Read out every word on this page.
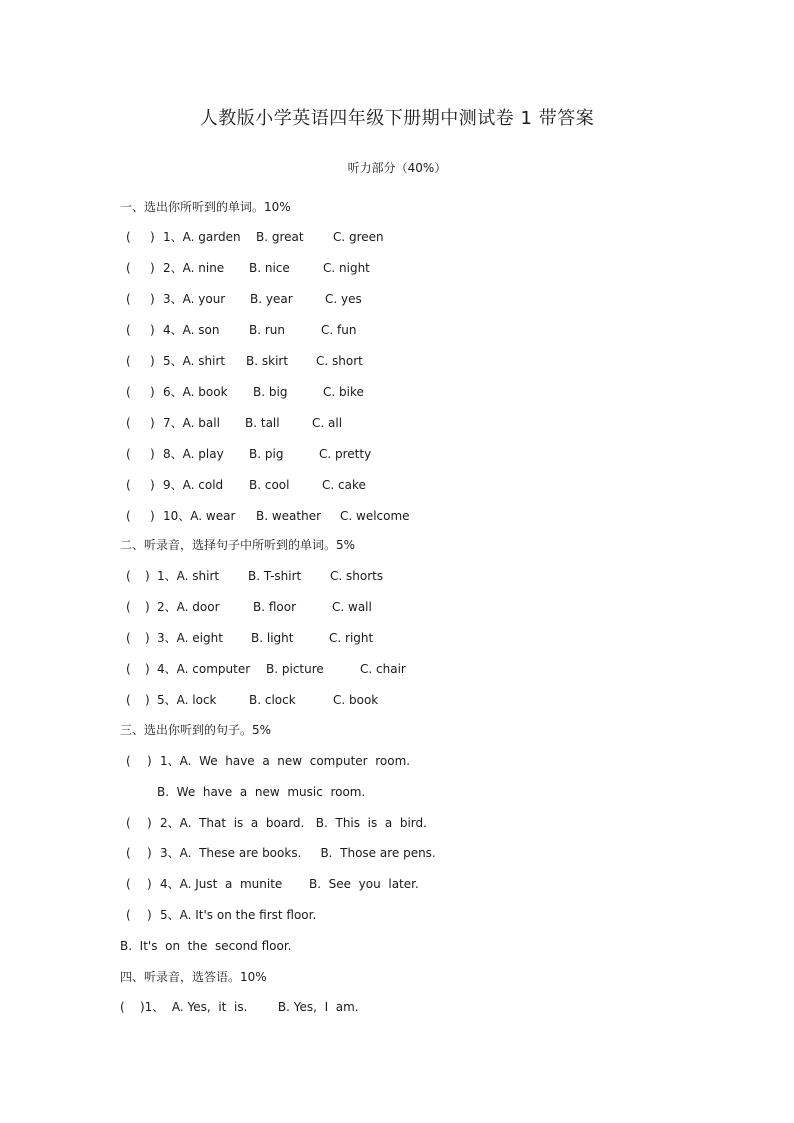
人教版小学英语四年级下册期中测试卷 1 带答案
听力部分（40%）
一、选出你所听到的单词。10%
( ) 1、A. garden B. great C. green
( ) 2、A. nine B. nice	C. night
( ) 3、A. your B. year	C. yes
( ) 4、A. son B. run	C. fun
( ) 5、A. shirt B. skirt C. short
( ) 6、A. book B. big	C. bike
( ) 7、A. ball B. tall	C. all
( ) 8、A. play B. pig	C. pretty
( ) 9、A. cold B. cool	C. cake
( ) 10、A. wear B. weather C. welcome
二、听录音，选择句子中所听到的单词。5%
( ) 1、A. shirt B. T-shirt C. shorts
( ) 2、A. door	B. floor	C. wall
( ) 3、A. eight B. light	C. right
( ) 4、A. computer B. picture	C. chair
( ) 5、A. lock	B. clock	C. book
三、选出你听到的句子。5%

(

)

1、A.  We  have  a  new  computer  room.

B.  We  have  a  new  music  room.

(

)

2、A.  That  is  a  board.   B.  This  is  a  bird.

(

)

3、A.  These are books.     B.  Those are pens.

(

)

4、A. Just  a  munite       B.  See  you  later.

(

)

5、A. It's on the first floor.

B.  It's  on  the  second floor.
四、听录音，选答语。10%
(    )1、  A. Yes,  it  is.        B. Yes,  I  am.
